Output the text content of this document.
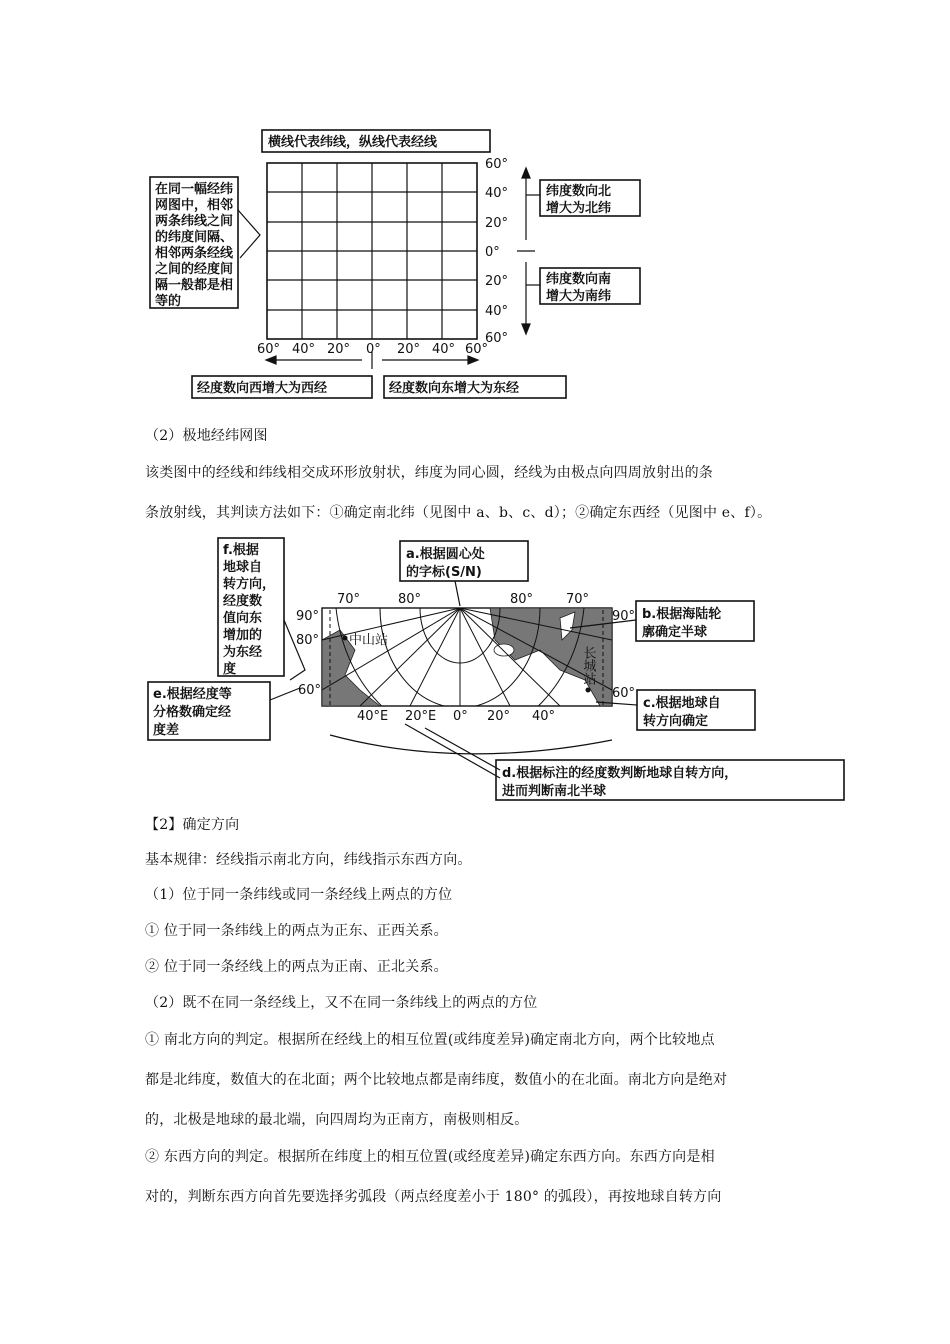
横线代表纬线，纵线代表经线
在同一幅经纬
网图中，相邻
两条纬线之间
的纬度间隔、
相邻两条经线
之间的经度间
隔一般都是相
等的
纬度数向北
增大为北纬
纬度数向南
增大为南纬
经度数向西增大为西经	经度数向东增大为东经
60°
40°
20°
0°
20°
40°
60°
60° 40° 20° 0° 20° 40° 60°
（2）极地经纬网图
该类图中的经线和纬线相交成环形放射状，纬度为同心圆，经线为由极点向四周放射出的条
条放射线，其判读方法如下：①确定南北纬（见图中 a、b、c、d）；②确定东西经（见图中 e、f）。
中山站
长城站
70°	80°	80°	70°
90°
80°
60°
90°
60°
40°E 20°E 0° 20° 40°
f.根据
地球自
转方向，
经度数
值向东
增加的
为东经
度
a.根据圆心处
的字标(S/N)
b.根据海陆轮
廓确定半球
c.根据地球自
转方向确定
e.根据经度等
分格数确定经
度差
d.根据标注的经度数判断地球自转方向，
进而判断南北半球
【2】确定方向
基本规律：经线指示南北方向，纬线指示东西方向。
（1）位于同一条纬线或同一条经线上两点的方位
① 位于同一条纬线上的两点为正东、正西关系。
② 位于同一条经线上的两点为正南、正北关系。
（2）既不在同一条经线上，又不在同一条纬线上的两点的方位
① 南北方向的判定。根据所在经线上的相互位置(或纬度差异)确定南北方向，两个比较地点
都是北纬度，数值大的在北面；两个比较地点都是南纬度，数值小的在北面。南北方向是绝对
的，北极是地球的最北端，向四周均为正南方，南极则相反。
② 东西方向的判定。根据所在纬度上的相互位置(或经度差异)确定东西方向。东西方向是相
对的，判断东西方向首先要选择劣弧段（两点经度差小于 180° 的弧段），再按地球自转方向
